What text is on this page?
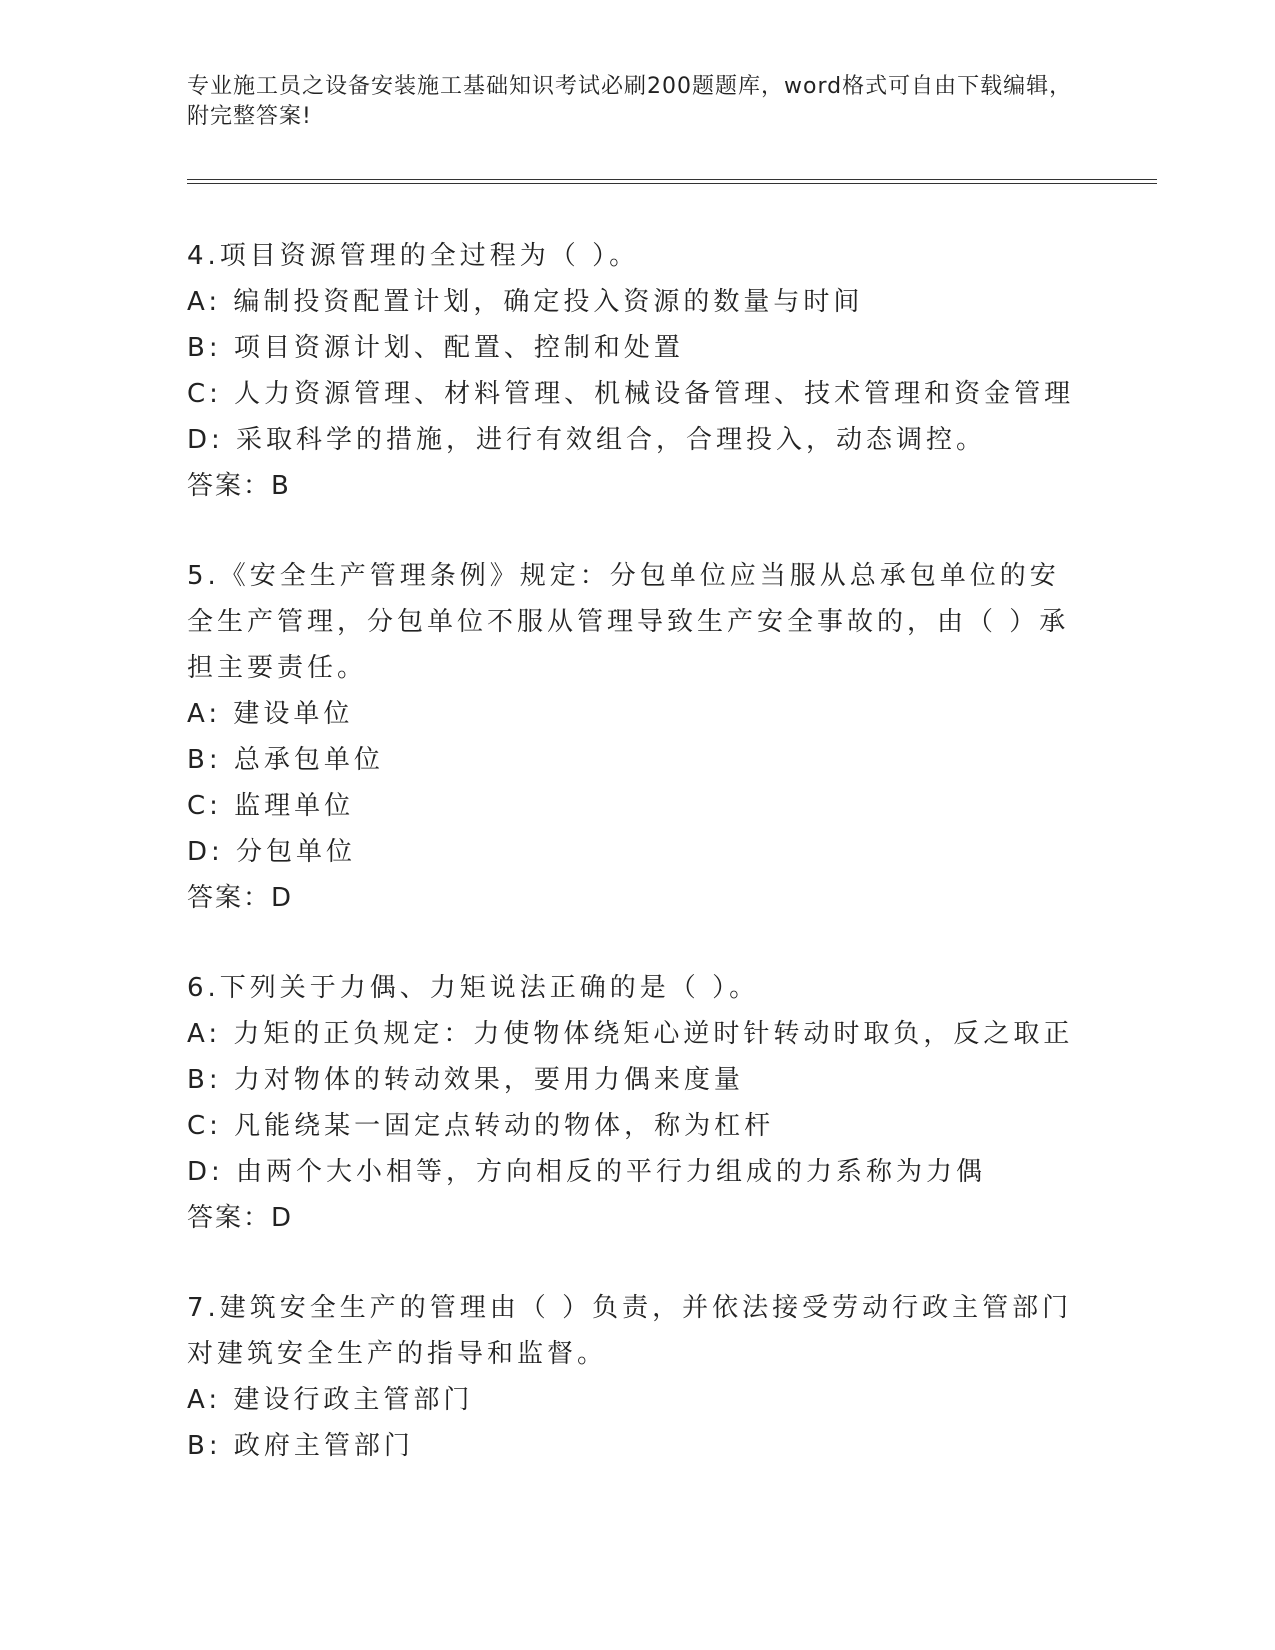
专业施工员之设备安装施工基础知识考试必刷200题题库，word格式可自由下载编辑，附完整答案!
4.项目资源管理的全过程为（ ）。
A: 编制投资配置计划，确定投入资源的数量与时间
B: 项目资源计划、配置、控制和处置
C: 人力资源管理、材料管理、机械设备管理、技术管理和资金管理
D: 采取科学的措施，进行有效组合，合理投入，动态调控。
答案：B
5.《安全生产管理条例》规定：分包单位应当服从总承包单位的安全生产管理，分包单位不服从管理导致生产安全事故的，由（ ）承担主要责任。
A: 建设单位
B: 总承包单位
C: 监理单位
D: 分包单位
答案：D
6.下列关于力偶、力矩说法正确的是（ ）。
A: 力矩的正负规定：力使物体绕矩心逆时针转动时取负，反之取正
B: 力对物体的转动效果，要用力偶来度量
C: 凡能绕某一固定点转动的物体，称为杠杆
D: 由两个大小相等，方向相反的平行力组成的力系称为力偶
答案：D
7.建筑安全生产的管理由（ ）负责，并依法接受劳动行政主管部门对建筑安全生产的指导和监督。
A: 建设行政主管部门
B: 政府主管部门
